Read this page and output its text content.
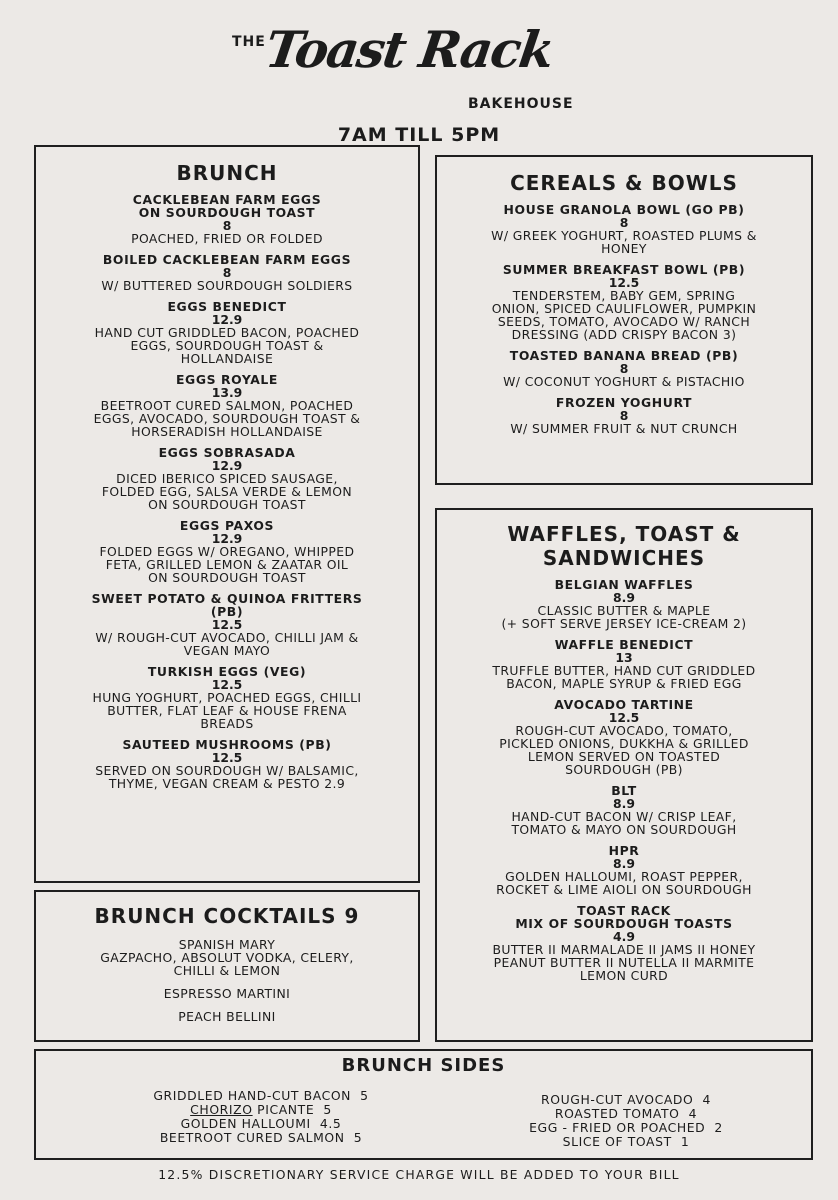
THE
Toast Rack
BAKEHOUSE
7AM TILL 5PM
BRUNCH
CACKLEBEAN FARM EGGS
ON SOURDOUGH TOAST
8
POACHED, FRIED OR FOLDED
BOILED CACKLEBEAN FARM EGGS
8
W/ BUTTERED SOURDOUGH SOLDIERS
EGGS BENEDICT
12.9
HAND CUT GRIDDLED BACON, POACHED
EGGS, SOURDOUGH TOAST &
HOLLANDAISE
EGGS ROYALE
13.9
BEETROOT CURED SALMON, POACHED
EGGS, AVOCADO, SOURDOUGH TOAST &
HORSERADISH HOLLANDAISE
EGGS SOBRASADA
12.9
DICED IBERICO SPICED SAUSAGE,
FOLDED EGG, SALSA VERDE & LEMON
ON SOURDOUGH TOAST
EGGS PAXOS
12.9
FOLDED EGGS W/ OREGANO, WHIPPED
FETA, GRILLED LEMON & ZAATAR OIL
ON SOURDOUGH TOAST
SWEET POTATO & QUINOA FRITTERS
(PB)
12.5
W/ ROUGH-CUT AVOCADO, CHILLI JAM &
VEGAN MAYO
TURKISH EGGS (VEG)
12.5
HUNG YOGHURT, POACHED EGGS, CHILLI
BUTTER, FLAT LEAF & HOUSE FRENA
BREADS
SAUTEED MUSHROOMS (PB)
12.5
SERVED ON SOURDOUGH W/ BALSAMIC,
THYME, VEGAN CREAM & PESTO 2.9
CEREALS & BOWLS
HOUSE GRANOLA BOWL (GO PB)
8
W/ GREEK YOGHURT, ROASTED PLUMS &
HONEY
SUMMER BREAKFAST BOWL (PB)
12.5
TENDERSTEM, BABY GEM, SPRING
ONION, SPICED CAULIFLOWER, PUMPKIN
SEEDS, TOMATO, AVOCADO W/ RANCH
DRESSING (ADD CRISPY BACON 3)
TOASTED BANANA BREAD (PB)
8
W/ COCONUT YOGHURT & PISTACHIO
FROZEN YOGHURT
8
W/ SUMMER FRUIT & NUT CRUNCH
WAFFLES, TOAST &
SANDWICHES
BELGIAN WAFFLES
8.9
CLASSIC BUTTER & MAPLE
(+ SOFT SERVE JERSEY ICE-CREAM 2)
WAFFLE BENEDICT
13
TRUFFLE BUTTER, HAND CUT GRIDDLED
BACON, MAPLE SYRUP & FRIED EGG
AVOCADO TARTINE
12.5
ROUGH-CUT AVOCADO, TOMATO,
PICKLED ONIONS, DUKKHA & GRILLED
LEMON SERVED ON TOASTED
SOURDOUGH (PB)
BLT
8.9
HAND-CUT BACON W/ CRISP LEAF,
TOMATO & MAYO ON SOURDOUGH
HPR
8.9
GOLDEN HALLOUMI, ROAST PEPPER,
ROCKET & LIME AIOLI ON SOURDOUGH
TOAST RACK
MIX OF SOURDOUGH TOASTS
4.9
BUTTER II MARMALADE II JAMS II HONEY
PEANUT BUTTER II NUTELLA II MARMITE
LEMON CURD
BRUNCH COCKTAILS 9
SPANISH MARY
GAZPACHO, ABSOLUT VODKA, CELERY,
CHILLI & LEMON
ESPRESSO MARTINI
PEACH BELLINI
BRUNCH SIDES
GRIDDLED HAND-CUT BACON 5
CHORIZO PICANTE 5
GOLDEN HALLOUMI 4.5
BEETROOT CURED SALMON 5
ROUGH-CUT AVOCADO 4
ROASTED TOMATO 4
EGG - FRIED OR POACHED 2
SLICE OF TOAST 1
12.5% DISCRETIONARY SERVICE CHARGE WILL BE ADDED TO YOUR BILL
